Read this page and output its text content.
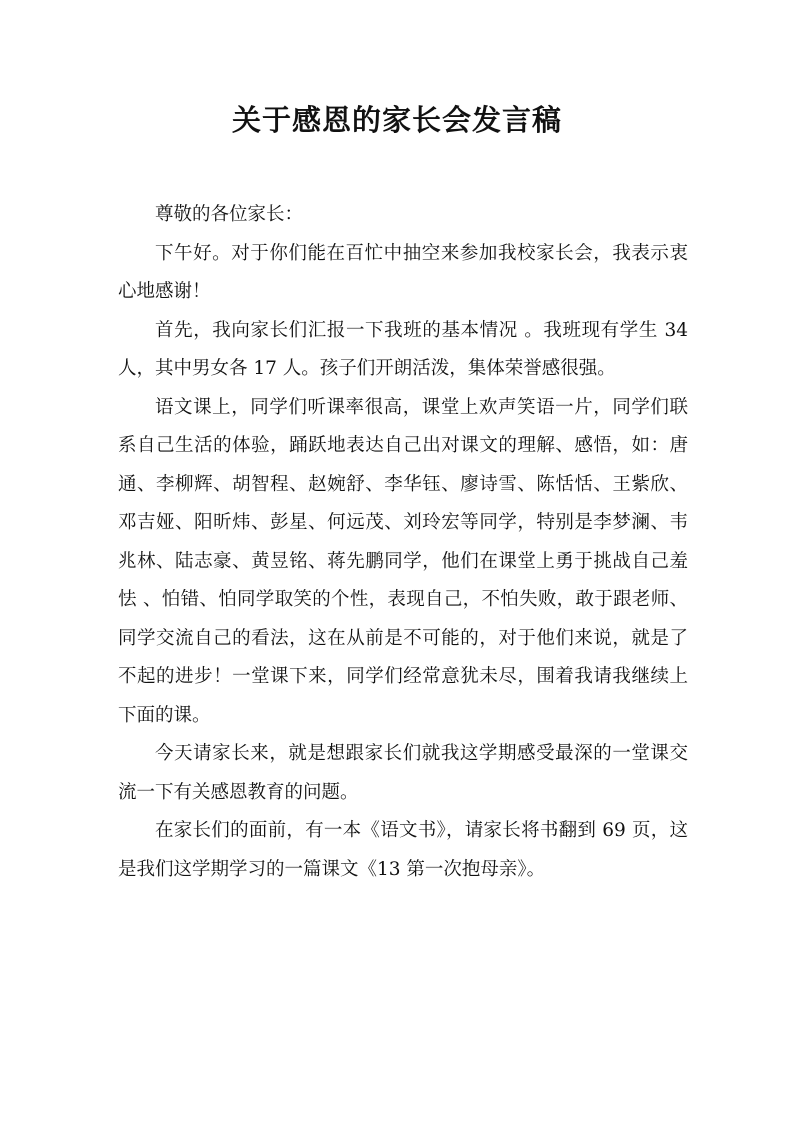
关于感恩的家长会发言稿

尊敬的各位家长：

下午好。对于你们能在百忙中抽空来参加我校家长会，我表示衷心地感谢！

首先，我向家长们汇报一下我班的基本情况 。我班现有学生 34 人，其中男女各 17 人。孩子们开朗活泼，集体荣誉感很强。

语文课上，同学们听课率很高，课堂上欢声笑语一片，同学们联系自己生活的体验，踊跃地表达自己出对课文的理解、感悟，如：唐通、李柳辉、胡智程、赵婉舒、李华钰、廖诗雪、陈恬恬、王紫欣、邓吉娅、阳昕炜、彭星、何远茂、刘玲宏等同学，特别是李梦澜、韦兆林、陆志豪、黄昱铭、蒋先鹏同学，他们在课堂上勇于挑战自己羞怯 、怕错、怕同学取笑的个性，表现自己，不怕失败，敢于跟老师、同学交流自己的看法，这在从前是不可能的，对于他们来说，就是了不起的进步！一堂课下来，同学们经常意犹未尽，围着我请我继续上下面的课。

今天请家长来，就是想跟家长们就我这学期感受最深的一堂课交流一下有关感恩教育的问题。

在家长们的面前，有一本《语文书》，请家长将书翻到 69 页，这是我们这学期学习的一篇课文《13 第一次抱母亲》。
